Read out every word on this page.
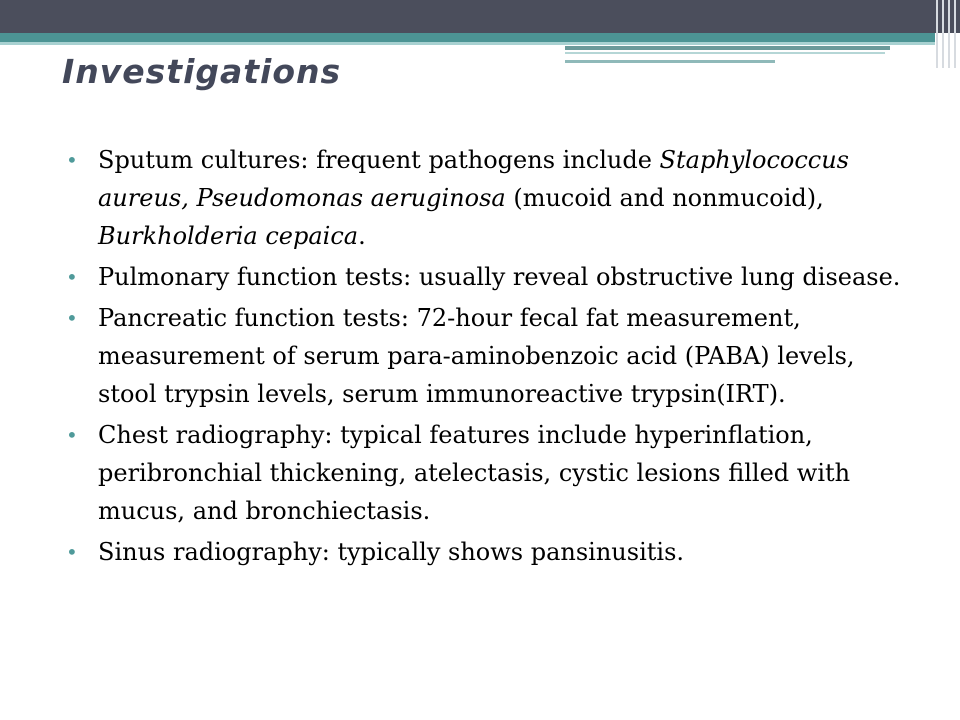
Investigations
• Sputum cultures: frequent pathogens include Staphylococcus aureus, Pseudomonas aeruginosa (mucoid and nonmucoid), Burkholderia cepaica.
• Pulmonary function tests: usually reveal obstructive lung disease.
• Pancreatic function tests: 72-hour fecal fat measurement, measurement of serum para-aminobenzoic acid (PABA) levels, stool trypsin levels, serum immunoreactive trypsin(IRT).
• Chest radiography: typical features include hyperinflation, peribronchial thickening, atelectasis, cystic lesions filled with mucus, and bronchiectasis.
• Sinus radiography: typically shows pansinusitis.
